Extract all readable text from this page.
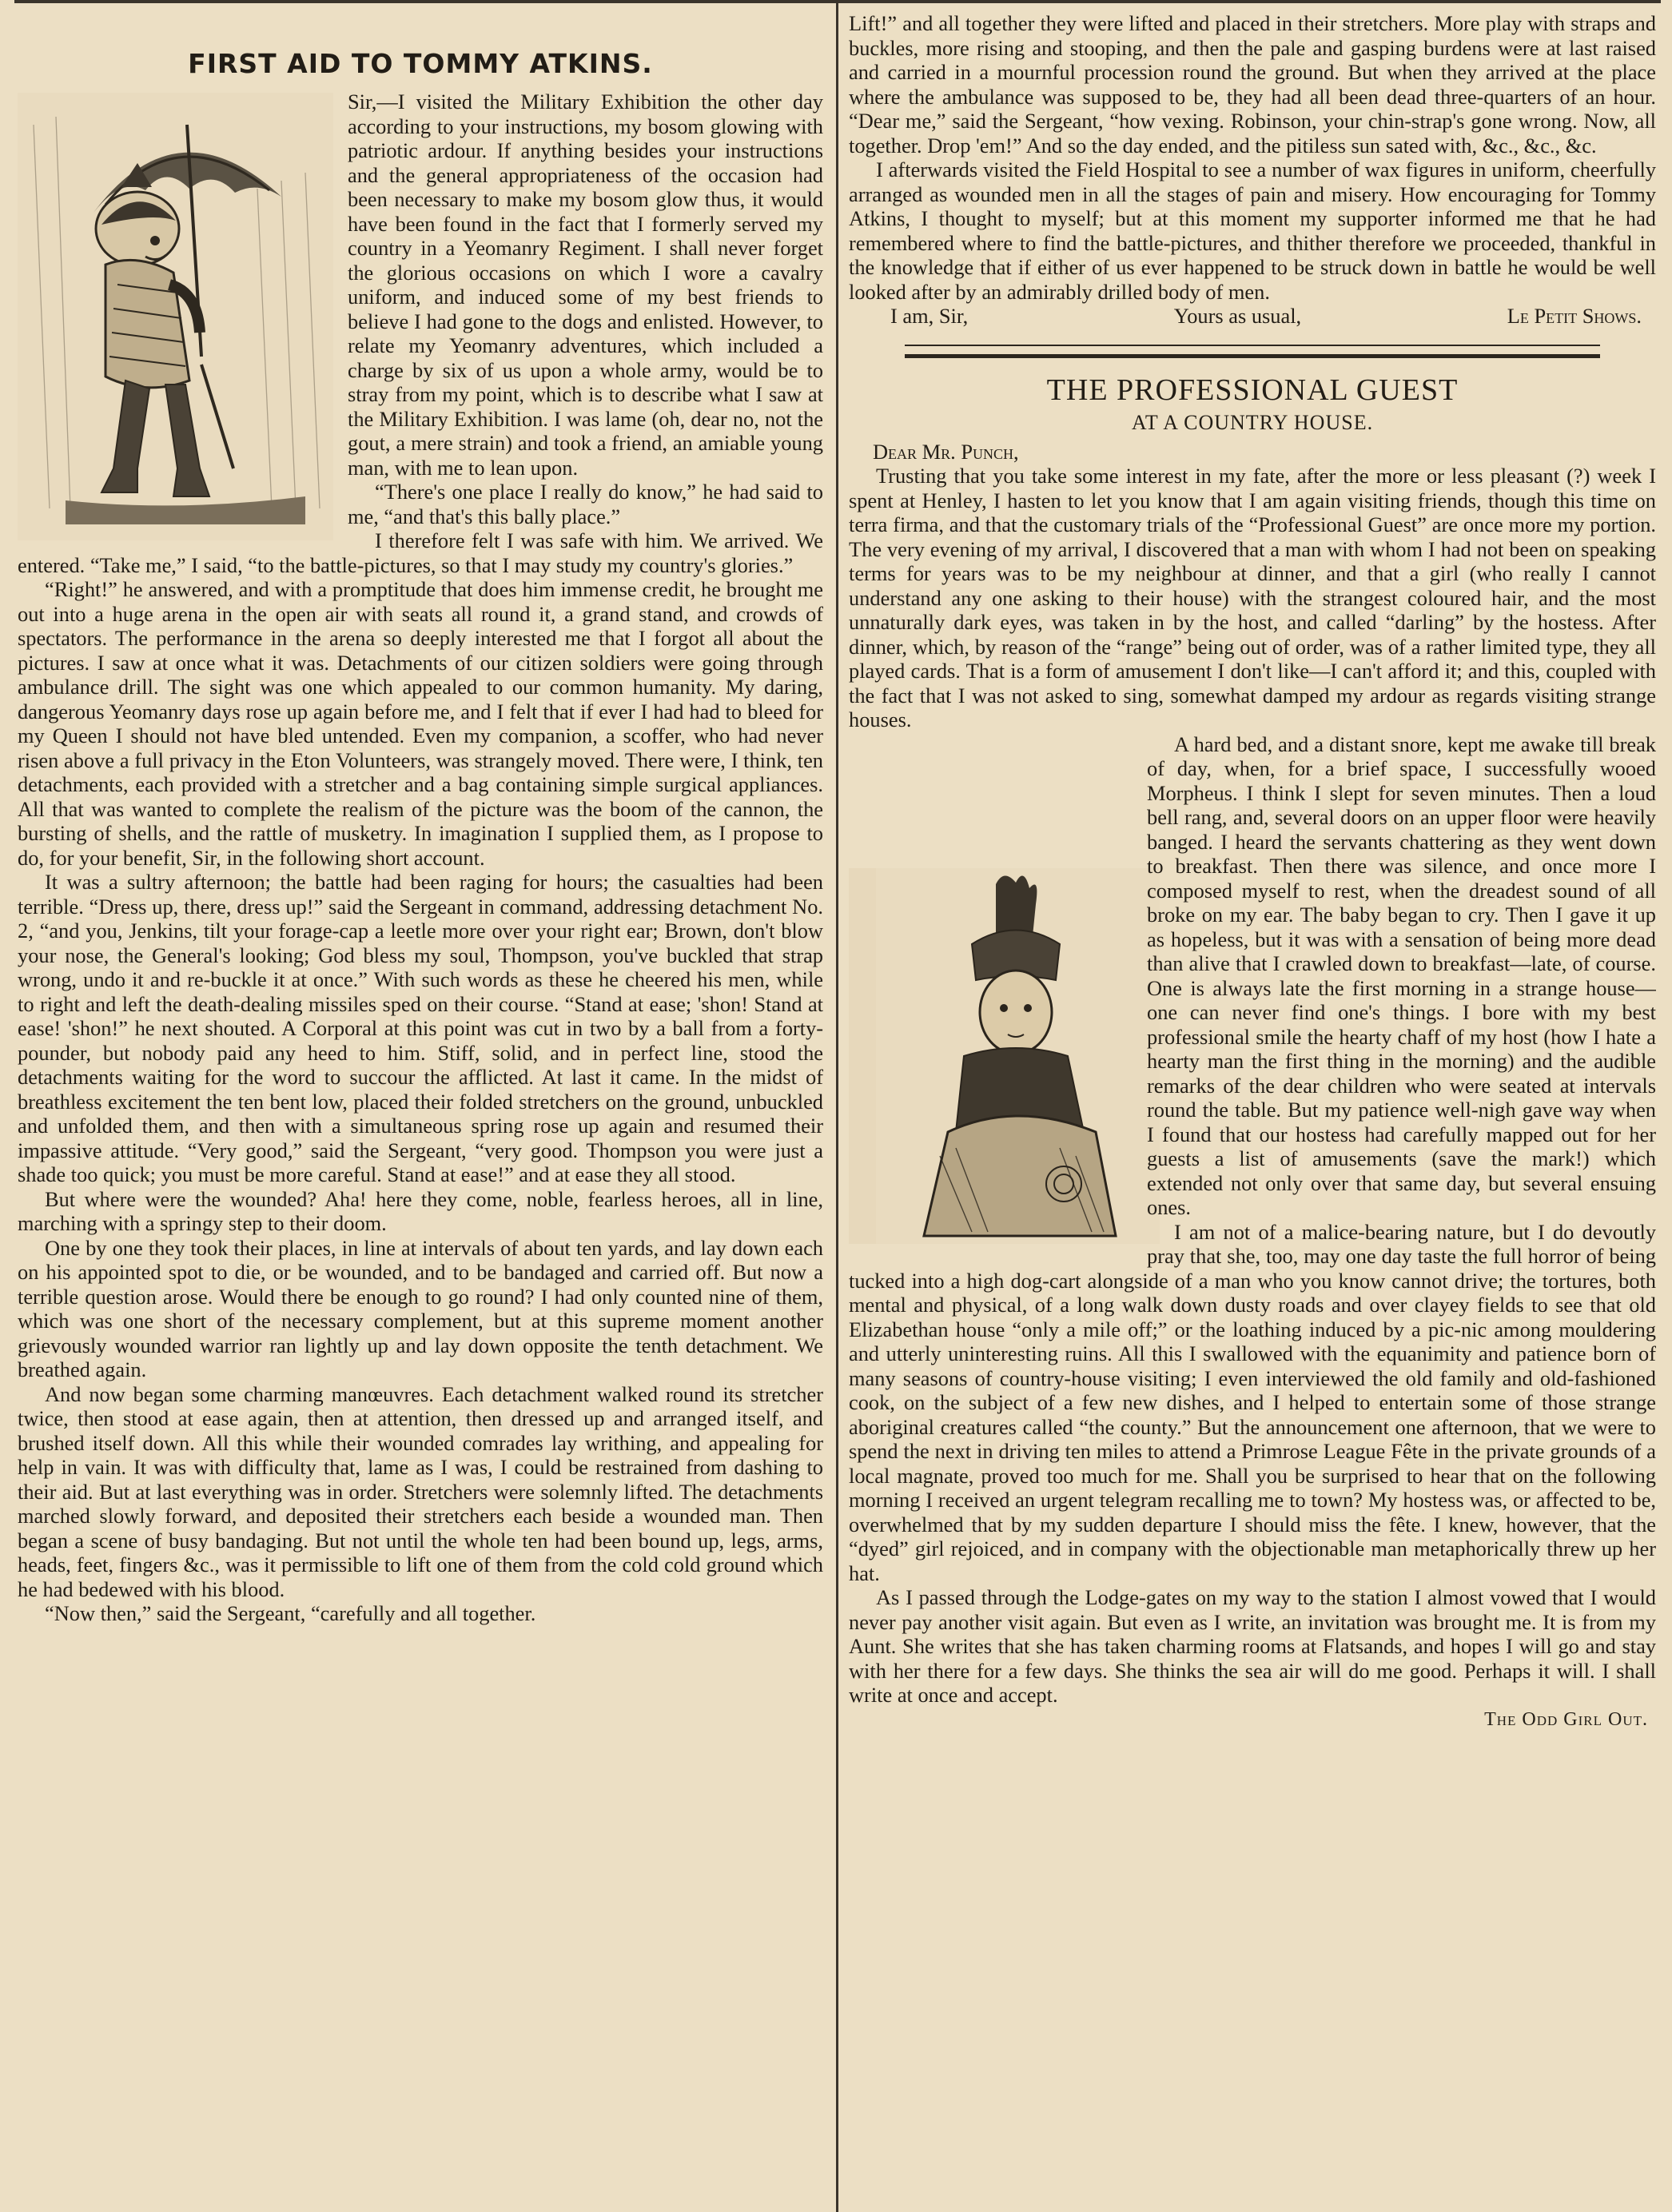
FIRST AID TO TOMMY ATKINS.

Sir,—I visited the Military Exhibition the other day according to your instructions, my bosom glowing with patriotic ardour. If anything besides your instructions and the general appropriateness of the occasion had been necessary to make my bosom glow thus, it would have been found in the fact that I formerly served my country in a Yeomanry Regiment. I shall never forget the glorious occasions on which I wore a cavalry uniform, and induced some of my best friends to believe I had gone to the dogs and enlisted. However, to relate my Yeomanry adventures, which included a charge by six of us upon a whole army, would be to stray from my point, which is to describe what I saw at the Military Exhibition. I was lame (oh, dear no, not the gout, a mere strain) and took a friend, an amiable young man, with me to lean upon.

“There's one place I really do know,” he had said to me, “and that's this bally place.”

I therefore felt I was safe with him. We arrived. We entered. “Take me,” I said, “to the battle-pictures, so that I may study my country's glories.”

“Right!” he answered, and with a promptitude that does him immense credit, he brought me out into a huge arena in the open air with seats all round it, a grand stand, and crowds of spectators. The performance in the arena so deeply interested me that I forgot all about the pictures. I saw at once what it was. Detachments of our citizen soldiers were going through ambulance drill. The sight was one which appealed to our common humanity. My daring, dangerous Yeomanry days rose up again before me, and I felt that if ever I had had to bleed for my Queen I should not have bled untended. Even my companion, a scoffer, who had never risen above a full privacy in the Eton Volunteers, was strangely moved. There were, I think, ten detachments, each provided with a stretcher and a bag containing simple surgical appliances. All that was wanted to complete the realism of the picture was the boom of the cannon, the bursting of shells, and the rattle of musketry. In imagination I supplied them, as I propose to do, for your benefit, Sir, in the following short account.

It was a sultry afternoon; the battle had been raging for hours; the casualties had been terrible. “Dress up, there, dress up!” said the Sergeant in command, addressing detachment No. 2, “and you, Jenkins, tilt your forage-cap a leetle more over your right ear; Brown, don't blow your nose, the General's looking; God bless my soul, Thompson, you've buckled that strap wrong, undo it and re-buckle it at once.” With such words as these he cheered his men, while to right and left the death-dealing missiles sped on their course. “Stand at ease; 'shon! Stand at ease! 'shon!” he next shouted. A Corporal at this point was cut in two by a ball from a forty-pounder, but nobody paid any heed to him. Stiff, solid, and in perfect line, stood the detachments waiting for the word to succour the afflicted. At last it came. In the midst of breathless excitement the ten bent low, placed their folded stretchers on the ground, unbuckled and unfolded them, and then with a simultaneous spring rose up again and resumed their impassive attitude. “Very good,” said the Sergeant, “very good. Thompson you were just a shade too quick; you must be more careful. Stand at ease!” and at ease they all stood.

But where were the wounded? Aha! here they come, noble, fearless heroes, all in line, marching with a springy step to their doom.

One by one they took their places, in line at intervals of about ten yards, and lay down each on his appointed spot to die, or be wounded, and to be bandaged and carried off. But now a terrible question arose. Would there be enough to go round? I had only counted nine of them, which was one short of the necessary complement, but at this supreme moment another grievously wounded warrior ran lightly up and lay down opposite the tenth detachment. We breathed again.

And now began some charming manœuvres. Each detachment walked round its stretcher twice, then stood at ease again, then at attention, then dressed up and arranged itself, and brushed itself down. All this while their wounded comrades lay writhing, and appealing for help in vain. It was with difficulty that, lame as I was, I could be restrained from dashing to their aid. But at last everything was in order. Stretchers were solemnly lifted. The detachments marched slowly forward, and deposited their stretchers each beside a wounded man. Then began a scene of busy bandaging. But not until the whole ten had been bound up, legs, arms, heads, feet, fingers &c., was it permissible to lift one of them from the cold cold ground which he had bedewed with his blood.

“Now then,” said the Sergeant, “carefully and all together.

Lift!” and all together they were lifted and placed in their stretchers. More play with straps and buckles, more rising and stooping, and then the pale and gasping burdens were at last raised and carried in a mournful procession round the ground. But when they arrived at the place where the ambulance was supposed to be, they had all been dead three-quarters of an hour. “Dear me,” said the Sergeant, “how vexing. Robinson, your chin-strap's gone wrong. Now, all together. Drop 'em!” And so the day ended, and the pitiless sun sated with, &c., &c., &c.

I afterwards visited the Field Hospital to see a number of wax figures in uniform, cheerfully arranged as wounded men in all the stages of pain and misery. How encouraging for Tommy Atkins, I thought to myself; but at this moment my supporter informed me that he had remembered where to find the battle-pictures, and thither therefore we proceeded, thankful in the knowledge that if either of us ever happened to be struck down in battle he would be well looked after by an admirably drilled body of men.

I am, Sir,	Yours as usual,	Le Petit Shows.
THE PROFESSIONAL GUEST
AT A COUNTRY HOUSE.
Dear Mr. Punch,

Trusting that you take some interest in my fate, after the more or less pleasant (?) week I spent at Henley, I hasten to let you know that I am again visiting friends, though this time on terra firma, and that the customary trials of the “Professional Guest” are once more my portion. The very evening of my arrival, I discovered that a man with whom I had not been on speaking terms for years was to be my neighbour at dinner, and that a girl (who really I cannot understand any one asking to their house) with the strangest coloured hair, and the most unnaturally dark eyes, was taken in by the host, and called “darling” by the hostess. After dinner, which, by reason of the “range” being out of order, was of a rather limited type, they all played cards. That is a form of amusement I don't like—I can't afford it; and this, coupled with the fact that I was not asked to sing, somewhat damped my ardour as regards visiting strange houses.

A hard bed, and a distant snore, kept me awake till break of day, when, for a brief space, I successfully wooed Morpheus. I think I slept for seven minutes. Then a loud bell rang, and, several doors on an upper floor were heavily banged. I heard the servants chattering as they went down to breakfast. Then there was silence, and once more I composed myself to rest, when the dreadest sound of all broke on my ear. The baby began to cry. Then I gave it up as hopeless, but it was with a sensation of being more dead than alive that I crawled down to breakfast—late, of course. One is always late the first morning in a strange house—one can never find one's things. I bore with my best professional smile the hearty chaff of my host (how I hate a hearty man the first thing in the morning) and the audible remarks of the dear children who were seated at intervals round the table. But my patience well-nigh gave way when I found that our hostess had carefully mapped out for her guests a list of amusements (save the mark!) which extended not only over that same day, but several ensuing ones.

I am not of a malice-bearing nature, but I do devoutly pray that she, too, may one day taste the full horror of being tucked into a high dog-cart alongside of a man who you know cannot drive; the tortures, both mental and physical, of a long walk down dusty roads and over clayey fields to see that old Elizabethan house “only a mile off;” or the loathing induced by a pic-nic among mouldering and utterly uninteresting ruins. All this I swallowed with the equanimity and patience born of many seasons of country-house visiting; I even interviewed the old family and old-fashioned cook, on the subject of a few new dishes, and I helped to entertain some of those strange aboriginal creatures called “the county.” But the announcement one afternoon, that we were to spend the next in driving ten miles to attend a Primrose League Fête in the private grounds of a local magnate, proved too much for me. Shall you be surprised to hear that on the following morning I received an urgent telegram recalling me to town? My hostess was, or affected to be, overwhelmed that by my sudden departure I should miss the fête. I knew, however, that the “dyed” girl rejoiced, and in company with the objectionable man metaphorically threw up her hat.

As I passed through the Lodge-gates on my way to the station I almost vowed that I would never pay another visit again. But even as I write, an invitation was brought me. It is from my Aunt. She writes that she has taken charming rooms at Flatsands, and hopes I will go and stay with her there for a few days. She thinks the sea air will do me good. Perhaps it will. I shall write at once and accept.

The Odd Girl Out.
